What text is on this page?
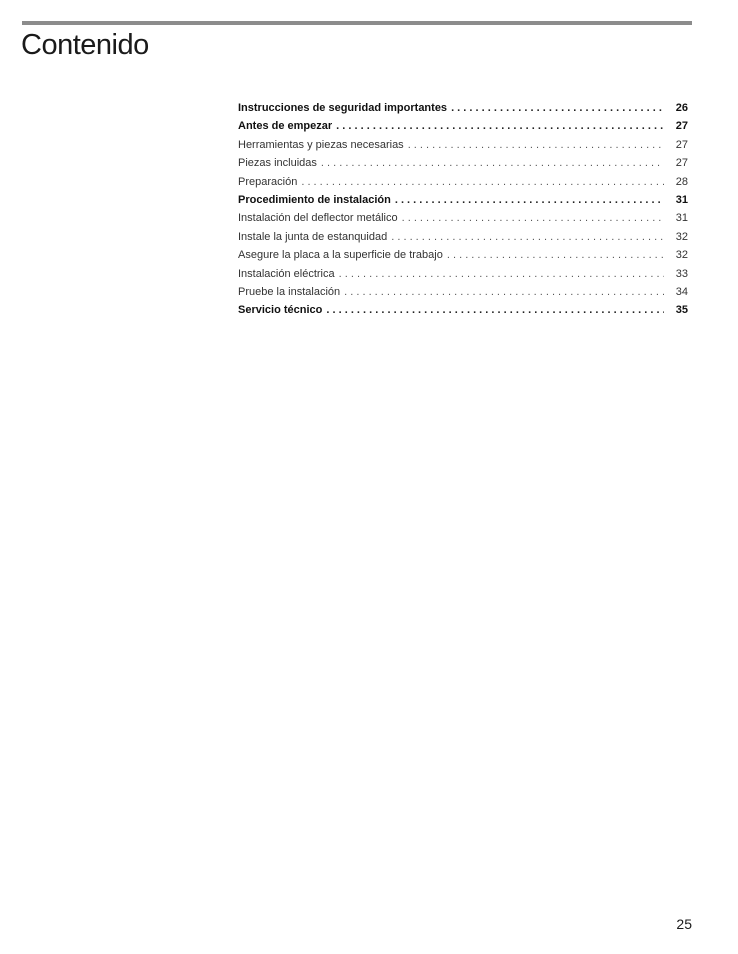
Contenido
Instrucciones de seguridad importantes . . .	26
Antes de empezar . . .	27
Herramientas y piezas necesarias . . .	27
Piezas incluidas . . .	27
Preparación . . .	28
Procedimiento de instalación . . .	31
Instalación del deflector metálico . . .	31
Instale la junta de estanquidad . . .	32
Asegure la placa a la superficie de trabajo . . .	32
Instalación eléctrica . . .	33
Pruebe la instalación . . .	34
Servicio técnico . . .	35
25
